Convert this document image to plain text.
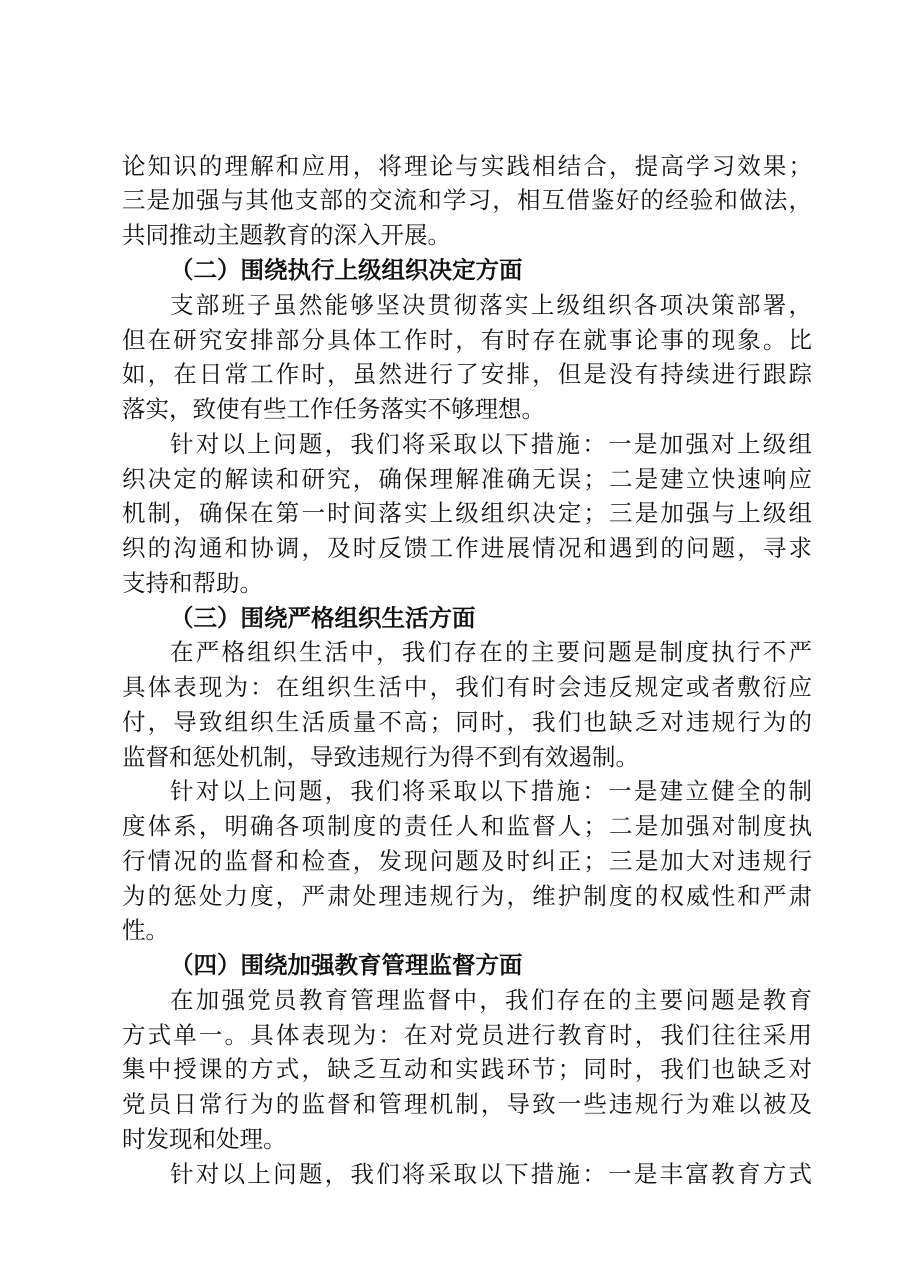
论知识的理解和应用，将理论与实践相结合，提高学习效果；
三是加强与其他支部的交流和学习，相互借鉴好的经验和做法，
共同推动主题教育的深入开展。
（二）围绕执行上级组织决定方面
支部班子虽然能够坚决贯彻落实上级组织各项决策部署，
但在研究安排部分具体工作时，有时存在就事论事的现象。比
如，在日常工作时，虽然进行了安排，但是没有持续进行跟踪
落实，致使有些工作任务落实不够理想。
针对以上问题，我们将采取以下措施：一是加强对上级组
织决定的解读和研究，确保理解准确无误；二是建立快速响应
机制，确保在第一时间落实上级组织决定；三是加强与上级组
织的沟通和协调，及时反馈工作进展情况和遇到的问题，寻求
支持和帮助。
（三）围绕严格组织生活方面
在严格组织生活中，我们存在的主要问题是制度执行不严
具体表现为：在组织生活中，我们有时会违反规定或者敷衍应
付，导致组织生活质量不高；同时，我们也缺乏对违规行为的
监督和惩处机制，导致违规行为得不到有效遏制。
针对以上问题，我们将采取以下措施：一是建立健全的制
度体系，明确各项制度的责任人和监督人；二是加强对制度执
行情况的监督和检查，发现问题及时纠正；三是加大对违规行
为的惩处力度，严肃处理违规行为，维护制度的权威性和严肃
性。
（四）围绕加强教育管理监督方面
在加强党员教育管理监督中，我们存在的主要问题是教育
方式单一。具体表现为：在对党员进行教育时，我们往往采用
集中授课的方式，缺乏互动和实践环节；同时，我们也缺乏对
党员日常行为的监督和管理机制，导致一些违规行为难以被及
时发现和处理。
针对以上问题，我们将采取以下措施：一是丰富教育方式
